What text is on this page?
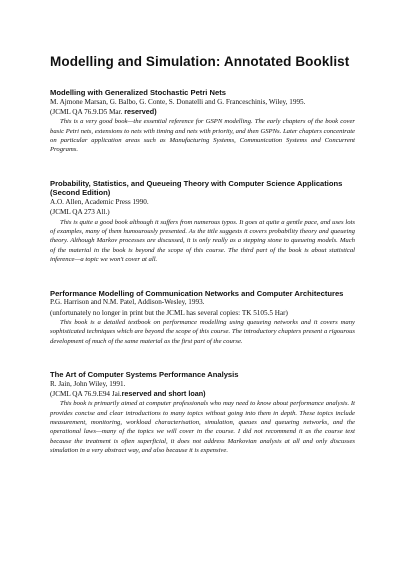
Modelling and Simulation: Annotated Booklist

Modelling with Generalized Stochastic Petri Nets

M. Ajmone Marsan, G. Balbo, G. Conte, S. Donatelli and G. Franceschinis, Wiley, 1995.

(JCML QA 76.9.D5 Mar. reserved)

This is a very good book—the essential reference for GSPN modelling. The early chapters of the book cover basic Petri nets, extensions to nets with timing and nets with priority, and then GSPNs. Later chapters concentrate on particular application areas such as Manufacturing Systems, Communication Systems and Concurrent Programs.

Probability, Statistics, and Queueing Theory with Computer Science Applications (Second Edition)

A.O. Allen, Academic Press 1990.

(JCML QA 273 All.)

This is quite a good book although it suffers from numerous typos. It goes at quite a gentle pace, and uses lots of examples, many of them humourously presented. As the title suggests it covers probability theory and queueing theory. Although Markov processes are discussed, it is only really as a stepping stone to queueing models. Much of the material in the book is beyond the scope of this course. The third part of the book is about statistical inference—a topic we won't cover at all.

Performance Modelling of Communication Networks and Computer Architectures

P.G. Harrison and N.M. Patel, Addison-Wesley, 1993.

(unfortunately no longer in print but the JCML has several copies: TK 5105.5 Har)

This book is a detailed textbook on performance modelling using queueing networks and it covers many sophisticated techniques which are beyond the scope of this course. The introductory chapters present a rigourous development of much of the same material as the first part of the course.

The Art of Computer Systems Performance Analysis

R. Jain, John Wiley, 1991.

(JCML QA 76.9.E94 Jai.reserved and short loan)

This book is primarily aimed at computer professionals who may need to know about performance analysis. It provides concise and clear introductions to many topics without going into them in depth. These topics include measurement, monitoring, workload characterisation, simulation, queues and queueing networks, and the operational laws—many of the topics we will cover in the course. I did not recommend it as the course text because the treatment is often superficial, it does not address Markovian analysis at all and only discusses simulation in a very abstract way, and also because it is expensive.
